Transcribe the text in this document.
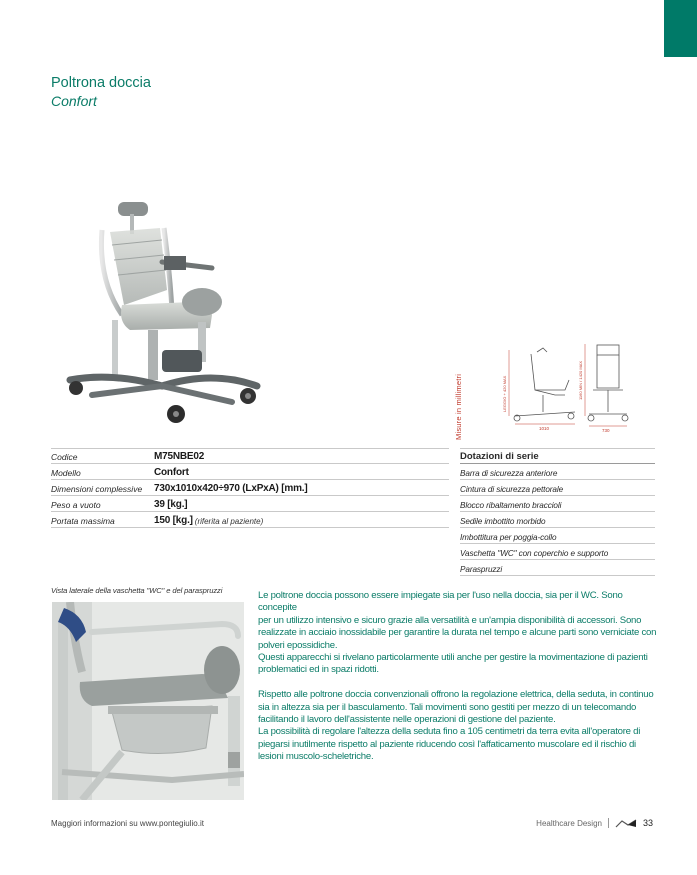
Poltrona doccia
Confort
Misure in millimetri	LEGGIO + 420 MAX
1010
1160 MIN / 1420 MAX
730
Codice	M75NBE02
Modello	Confort
Dimensioni complessive	730x1010x420÷970 (LxPxA) [mm.]
Peso a vuoto	39 [kg.]
Portata massima	150 [kg.] (riferita al paziente)
Dotazioni di serie
Barra di sicurezza anteriore
Cintura di sicurezza pettorale
Blocco ribaltamento braccioli
Sedile imbottito morbido
Imbottitura per poggia-collo
Vaschetta "WC" con coperchio e supporto
Paraspruzzi
Vista laterale della vaschetta "WC" e del paraspruzzi	Le poltrone doccia possono essere impiegate sia per l'uso nella doccia, sia per il WC. Sono concepite

per un utilizzo intensivo e sicuro grazie alla versatilità e un'ampia disponibilità di accessori. Sono

realizzate in acciaio inossidabile per garantire la durata nel tempo e alcune parti sono verniciate con

polveri epossidiche.

Questi apparecchi si rivelano particolarmente utili anche per gestire la movimentazione di pazienti

problematici ed in spazi ridotti.

Rispetto alle poltrone doccia convenzionali offrono la regolazione elettrica, della seduta, in continuo

sia in altezza sia per il basculamento. Tali movimenti sono gestiti per mezzo di un telecomando

facilitando il lavoro dell'assistente nelle operazioni di gestione del paziente.

La possibilità di regolare l'altezza della seduta fino a 105 centimetri da terra evita all'operatore di

piegarsi inutilmente rispetto al paziente riducendo così l'affaticamento muscolare ed il rischio di

lesioni muscolo-scheletriche.

Maggiori informazioni su www.pontegiulio.it	Healthcare Design	33
